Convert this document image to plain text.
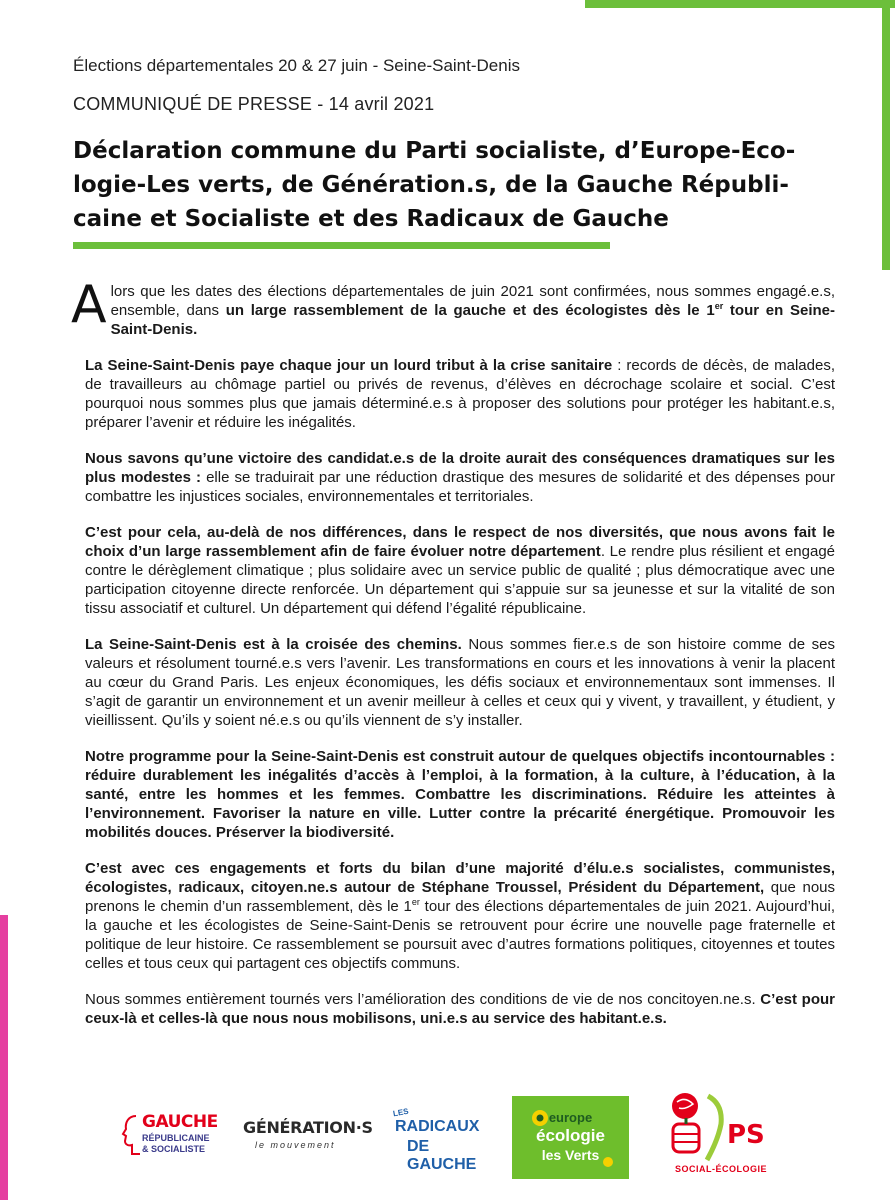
Élections départementales 20 & 27 juin - Seine-Saint-Denis
COMMUNIQUÉ DE PRESSE - 14 avril 2021
Déclaration commune du Parti socialiste, d’Europe-Ecologie-Les verts, de Génération.s, de la Gauche Républicaine et Socialiste et des Radicaux de Gauche

Alors que les dates des élections départementales de juin 2021 sont confirmées, nous sommes engagé.e.s, ensemble, dans un large rassemblement de la gauche et des écologistes dès le 1er tour en Seine-Saint-Denis.

La Seine-Saint-Denis paye chaque jour un lourd tribut à la crise sanitaire : records de décès, de malades, de travailleurs au chômage partiel ou privés de revenus, d’élèves en décrochage scolaire et social. C’est pourquoi nous sommes plus que jamais déterminé.e.s à proposer des solutions pour protéger les habitant.e.s, préparer l’avenir et réduire les inégalités.

Nous savons qu’une victoire des candidat.e.s de la droite aurait des conséquences dramatiques sur les plus modestes : elle se traduirait par une réduction drastique des mesures de solidarité et des dépenses pour combattre les injustices sociales, environnementales et territoriales.

C’est pour cela, au-delà de nos différences, dans le respect de nos diversités, que nous avons fait le choix d’un large rassemblement afin de faire évoluer notre département. Le rendre plus résilient et engagé contre le dérèglement climatique ; plus solidaire avec un service public de qualité ; plus démocratique avec une participation citoyenne directe renforcée. Un département qui s’appuie sur sa jeunesse et sur la vitalité de son tissu associatif et culturel. Un département qui défend l’égalité républicaine.

La Seine-Saint-Denis est à la croisée des chemins. Nous sommes fier.e.s de son histoire comme de ses valeurs et résolument tourné.e.s vers l’avenir. Les transformations en cours et les innovations à venir la placent au cœur du Grand Paris. Les enjeux économiques, les défis sociaux et environnementaux sont immenses. Il s’agit de garantir un environnement et un avenir meilleur à celles et ceux qui y vivent, y travaillent, y étudient, y vieillissent. Qu’ils y soient né.e.s ou qu’ils viennent de s’y installer.

Notre programme pour la Seine-Saint-Denis est construit autour de quelques objectifs incontournables : réduire durablement les inégalités d’accès à l’emploi, à la formation, à la culture, à l’éducation, à la santé, entre les hommes et les femmes. Combattre les discriminations. Réduire les atteintes à l’environnement. Favoriser la nature en ville. Lutter contre la précarité énergétique. Promouvoir les mobilités douces. Préserver la biodiversité.

C’est avec ces engagements et forts du bilan d’une majorité d’élu.e.s socialistes, communistes, écologistes, radicaux, citoyen.ne.s autour de Stéphane Troussel, Président du Département, que nous prenons le chemin d’un rassemblement, dès le 1er tour des élections départementales de juin 2021. Aujourd’hui, la gauche et les écologistes de Seine-Saint-Denis se retrouvent pour écrire une nouvelle page fraternelle et politique de leur histoire. Ce rassemblement se poursuit avec d’autres formations politiques, citoyennes et toutes celles et tous ceux qui partagent ces objectifs communs.

Nous sommes entièrement tournés vers l’amélioration des conditions de vie de nos concitoyen.ne.s. C’est pour ceux-là et celles-là que nous nous mobilisons, uni.e.s au service des habitant.e.s.

GAUCHE
RÉPUBLICAINE
& SOCIALISTE
GÉNÉRATION·S
le mouvement
LES
RADICAUX
DE GAUCHE
europe
écologie
les Verts
PS
SOCIAL-ÉCOLOGIE
